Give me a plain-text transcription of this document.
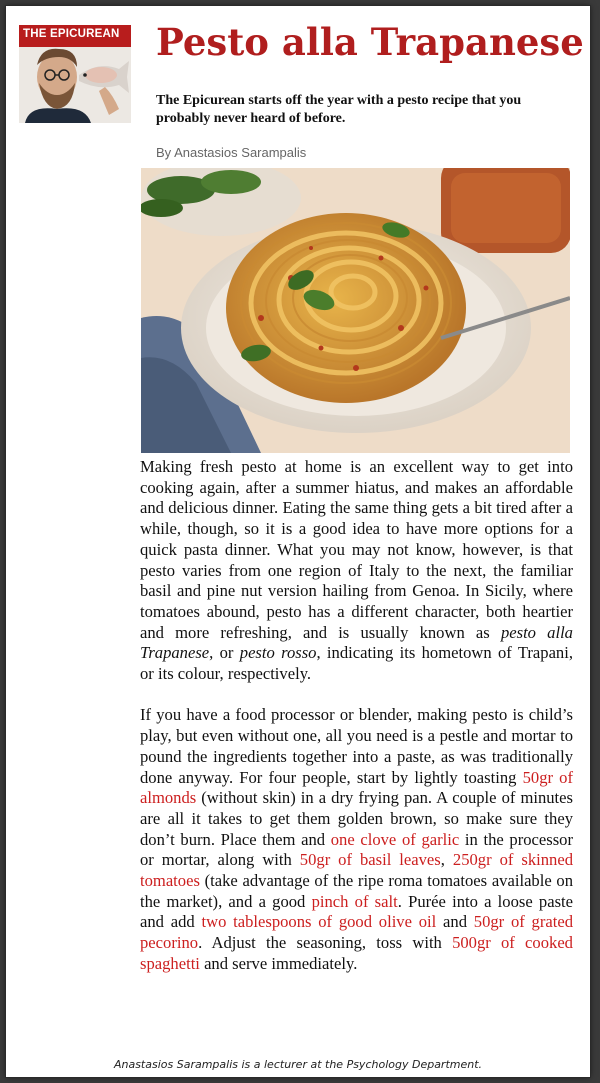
THE EPICUREAN Pesto alla Trapanese

The Epicurean starts off the year with a pesto recipe that you probably never heard of before.

By Anastasios Sarampalis

Making fresh pesto at home is an excellent way to get into cooking again, after a summer hiatus, and makes an affordable and delicious dinner. Eating the same thing gets a bit tired after a while, though, so it is a good idea to have more options for a quick pasta dinner. What you may not know, however, is that pesto varies from one region of Italy to the next, the familiar basil and pine nut version hailing from Genoa. In Sicily, where tomatoes abound, pesto has a different character, both heartier and more refreshing, and is usually known as pesto alla Trapanese, or pesto rosso, indicating its hometown of Trapani, or its colour, respectively.

If you have a food processor or blender, making pesto is child’s play, but even without one, all you need is a pestle and mortar to pound the ingredients together into a paste, as was traditionally done anyway. For four people, start by lightly toasting 50gr of almonds (without skin) in a dry frying pan. A couple of minutes are all it takes to get them golden brown, so make sure they don’t burn. Place them and one clove of garlic in the processor or mortar, along with 50gr of basil leaves, 250gr of skinned tomatoes (take advantage of the ripe roma tomatoes available on the market), and a good pinch of salt. Purée into a loose paste and add two tablespoons of good olive oil and 50gr of grated pecorino. Adjust the seasoning, toss with 500gr of cooked spaghetti and serve immediately.

Anastasios Sarampalis is a lecturer at the Psychology Department.
